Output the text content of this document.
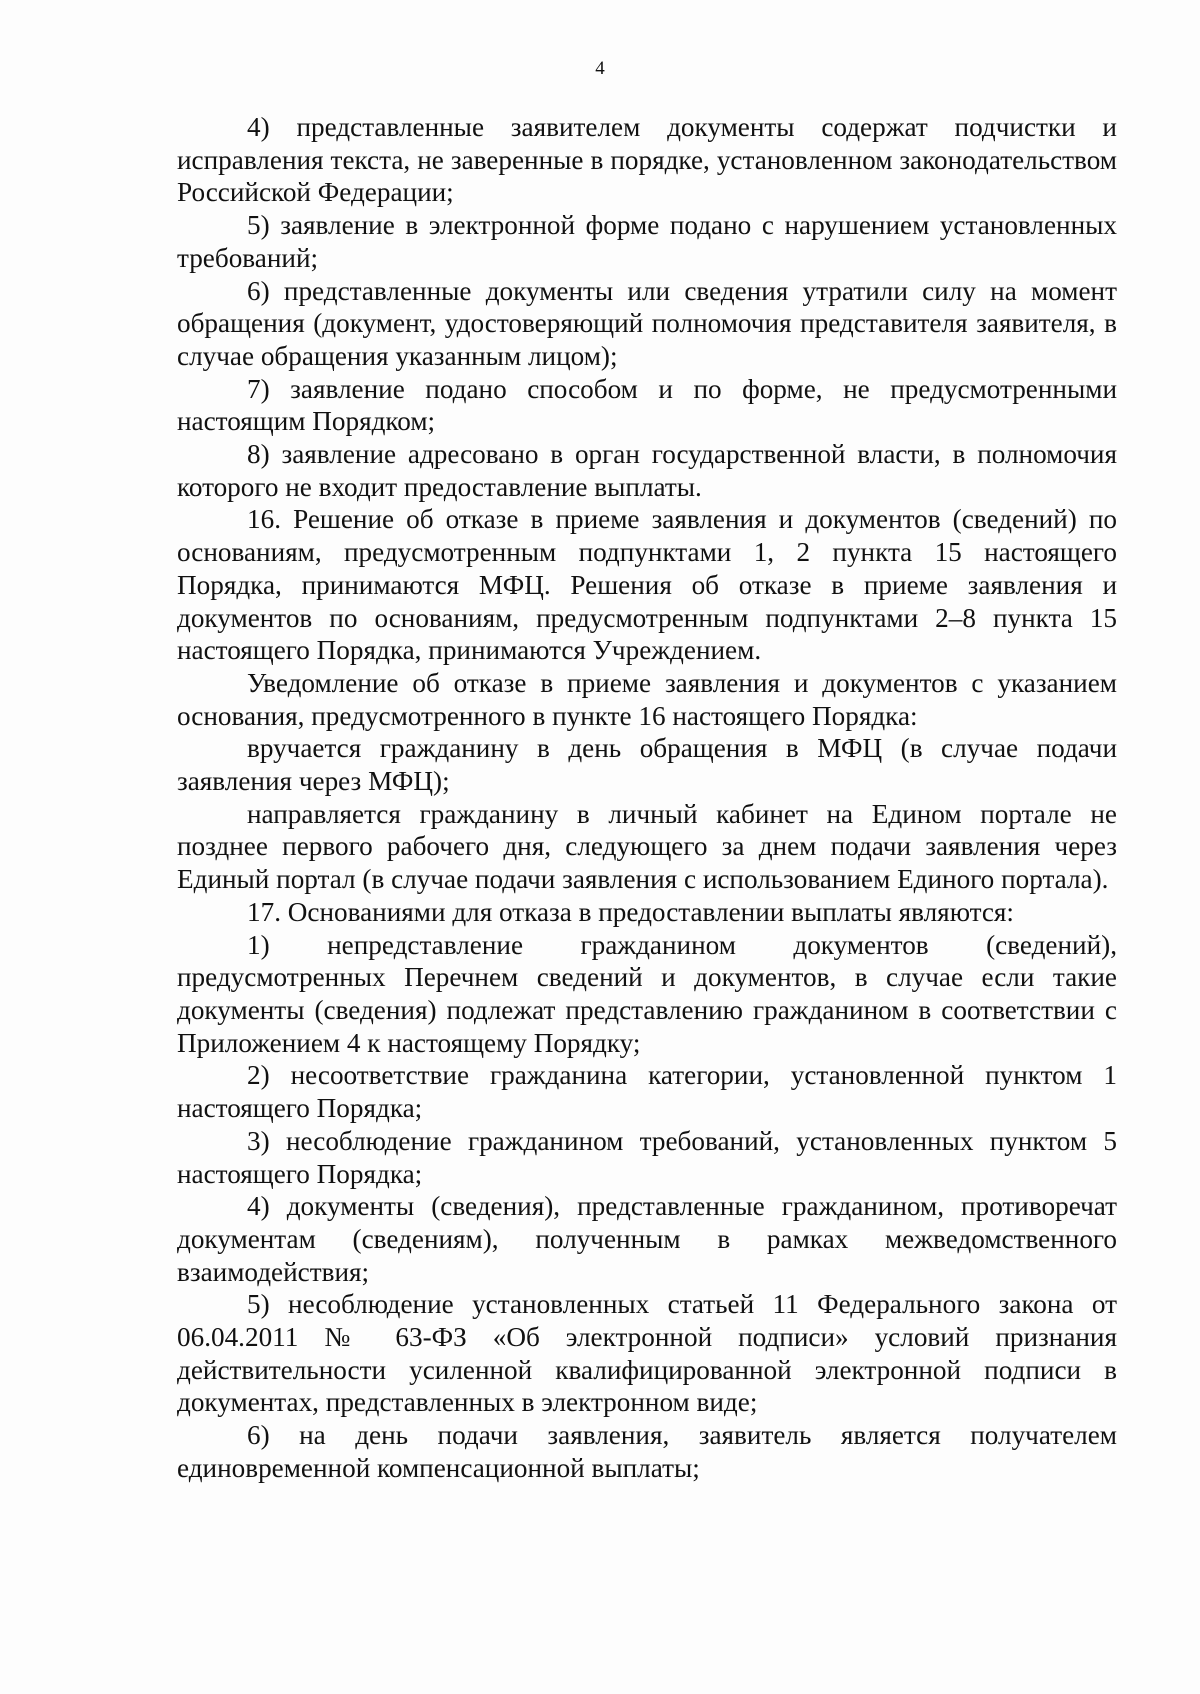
4

4) представленные заявителем документы содержат подчистки и исправления текста, не заверенные в порядке, установленном законодательством Российской Федерации;

5) заявление в электронной форме подано с нарушением установленных требований;

6) представленные документы или сведения утратили силу на момент обращения (документ, удостоверяющий полномочия представителя заявителя, в случае обращения указанным лицом);

7) заявление подано способом и по форме, не предусмотренными настоящим Порядком;

8) заявление адресовано в орган государственной власти, в полномочия которого не входит предоставление выплаты.

16. Решение об отказе в приеме заявления и документов (сведений) по основаниям, предусмотренным подпунктами 1, 2 пункта 15 настоящего Порядка, принимаются МФЦ. Решения об отказе в приеме заявления и документов по основаниям, предусмотренным подпунктами 2–8 пункта 15 настоящего Порядка, принимаются Учреждением.

Уведомление об отказе в приеме заявления и документов с указанием основания, предусмотренного в пункте 16 настоящего Порядка:

вручается гражданину в день обращения в МФЦ (в случае подачи заявления через МФЦ);

направляется гражданину в личный кабинет на Едином портале не позднее первого рабочего дня, следующего за днем подачи заявления через Единый портал (в случае подачи заявления с использованием Единого портала).

17. Основаниями для отказа в предоставлении выплаты являются:

1) непредставление гражданином документов (сведений), предусмотренных Перечнем сведений и документов, в случае если такие документы (сведения) подлежат представлению гражданином в соответствии с Приложением 4 к настоящему Порядку;

2) несоответствие гражданина категории, установленной пунктом 1 настоящего Порядка;

3) несоблюдение гражданином требований, установленных пунктом 5 настоящего Порядка;

4) документы (сведения), представленные гражданином, противоречат документам (сведениям), полученным в рамках межведомственного взаимодействия;

5) несоблюдение установленных статьей 11 Федерального закона от 06.04.2011 № 63-ФЗ «Об электронной подписи» условий признания действительности усиленной квалифицированной электронной подписи в документах, представленных в электронном виде;

6) на день подачи заявления, заявитель является получателем единовременной компенсационной выплаты;
